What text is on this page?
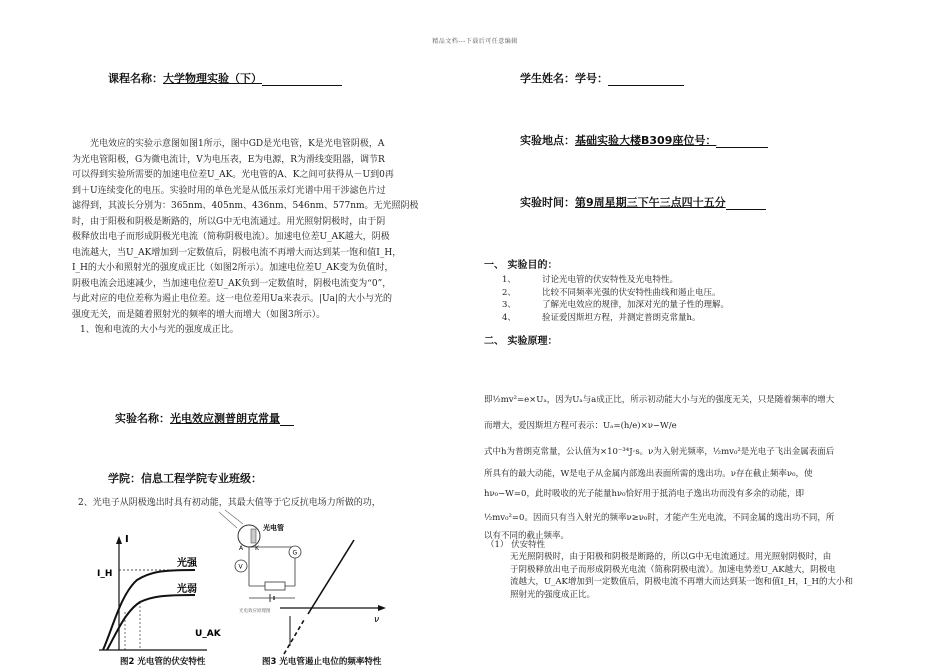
精品文档---下载后可任意编辑
课程名称：大学物理实验（下）

光电效应的实验示意图如图1所示，图中GD是光电管，K是光电管阴极，A

为光电管阳极，G为微电流计，V为电压表，E为电源，R为滑线变阻器，调节R

可以得到实验所需要的加速电位差U_AK。光电管的A、K之间可获得从－U到0再

到＋U连续变化的电压。实验时用的单色光是从低压汞灯光谱中用干涉滤色片过

滤得到，其波长分别为：365nm、405nm、436nm、546nm、577nm。无光照阴极

时，由于阳极和阴极是断路的，所以G中无电流通过。用光照射阴极时，由于阴

极释放出电子而形成阴极光电流（简称阴极电流）。加速电位差U_AK越大，阴极

电流越大，当U_AK增加到一定数值后，阴极电流不再增大而达到某一饱和值I_H，

I_H的大小和照射光的强度成正比（如图2所示）。加速电位差U_AK变为负值时，

阴极电流会迅速减少，当加速电位差U_AK负到一定数值时，阴极电流变为“0”，

与此对应的电位差称为遏止电位差。这一电位差用Ua来表示。|Ua|的大小与光的

强度无关，而是随着照射光的频率的增大而增大（如图3所示）。

1、饱和电流的大小与光的强度成正比。

实验名称：光电效应测普朗克常量
学院：信息工程学院专业班级：
2、光电子从阴极逸出时具有初动能，其最大值等于它反抗电场力所做的功，
I
I_H
光强
光弱
U_AK
图2 光电管的伏安特性
光电管
A K
G
V
光电效应原理图
ν
图3 光电管遏止电位的频率特性
学生姓名：学号：
实验地点：基础实验大楼B309座位号：
实验时间：第9周星期三下午三点四十五分
一、 实验目的：
1、	讨论光电管的伏安特性及光电特性。
2、	比较不同频率光强的伏安特性曲线和遏止电压。
3、	了解光电效应的规律，加深对光的量子性的理解。
4、	验证爱因斯坦方程，并测定普朗克常量h。
二、 实验原理：
即½mv²=e×Uₐ，因为Uₐ与a成正比，所示初动能大小与光的强度无关，只是随着频率的增大
而增大，爱因斯坦方程可表示：Uₐ=(h/e)×ν−W/e
式中h为普朗克常量，公认值为×10⁻³⁴J·s。ν为入射光频率，½mv₀²是光电子飞出金属表面后
所具有的最大动能，W是电子从金属内部逸出表面所需的逸出功。ν存在截止频率ν₀，使
hν₀−W=0，此时吸收的光子能量hν₀恰好用于抵消电子逸出功而没有多余的动能，即
½mv₀²=0。因而只有当入射光的频率ν≥ν₀时，才能产生光电流，不同金属的逸出功不同，所
以有不同的截止频率。
（1） 伏安特性
无光照阴极时，由于阳极和阴极是断路的，所以G中无电流通过。用光照射阴极时，由
于阴极释放出电子而形成阴极光电流（简称阴极电流）。加速电势差U_AK越大，阴极电
流越大，U_AK增加到一定数值后，阴极电流不再增大而达到某一饱和值I_H，I_H的大小和
照射光的强度成正比。
